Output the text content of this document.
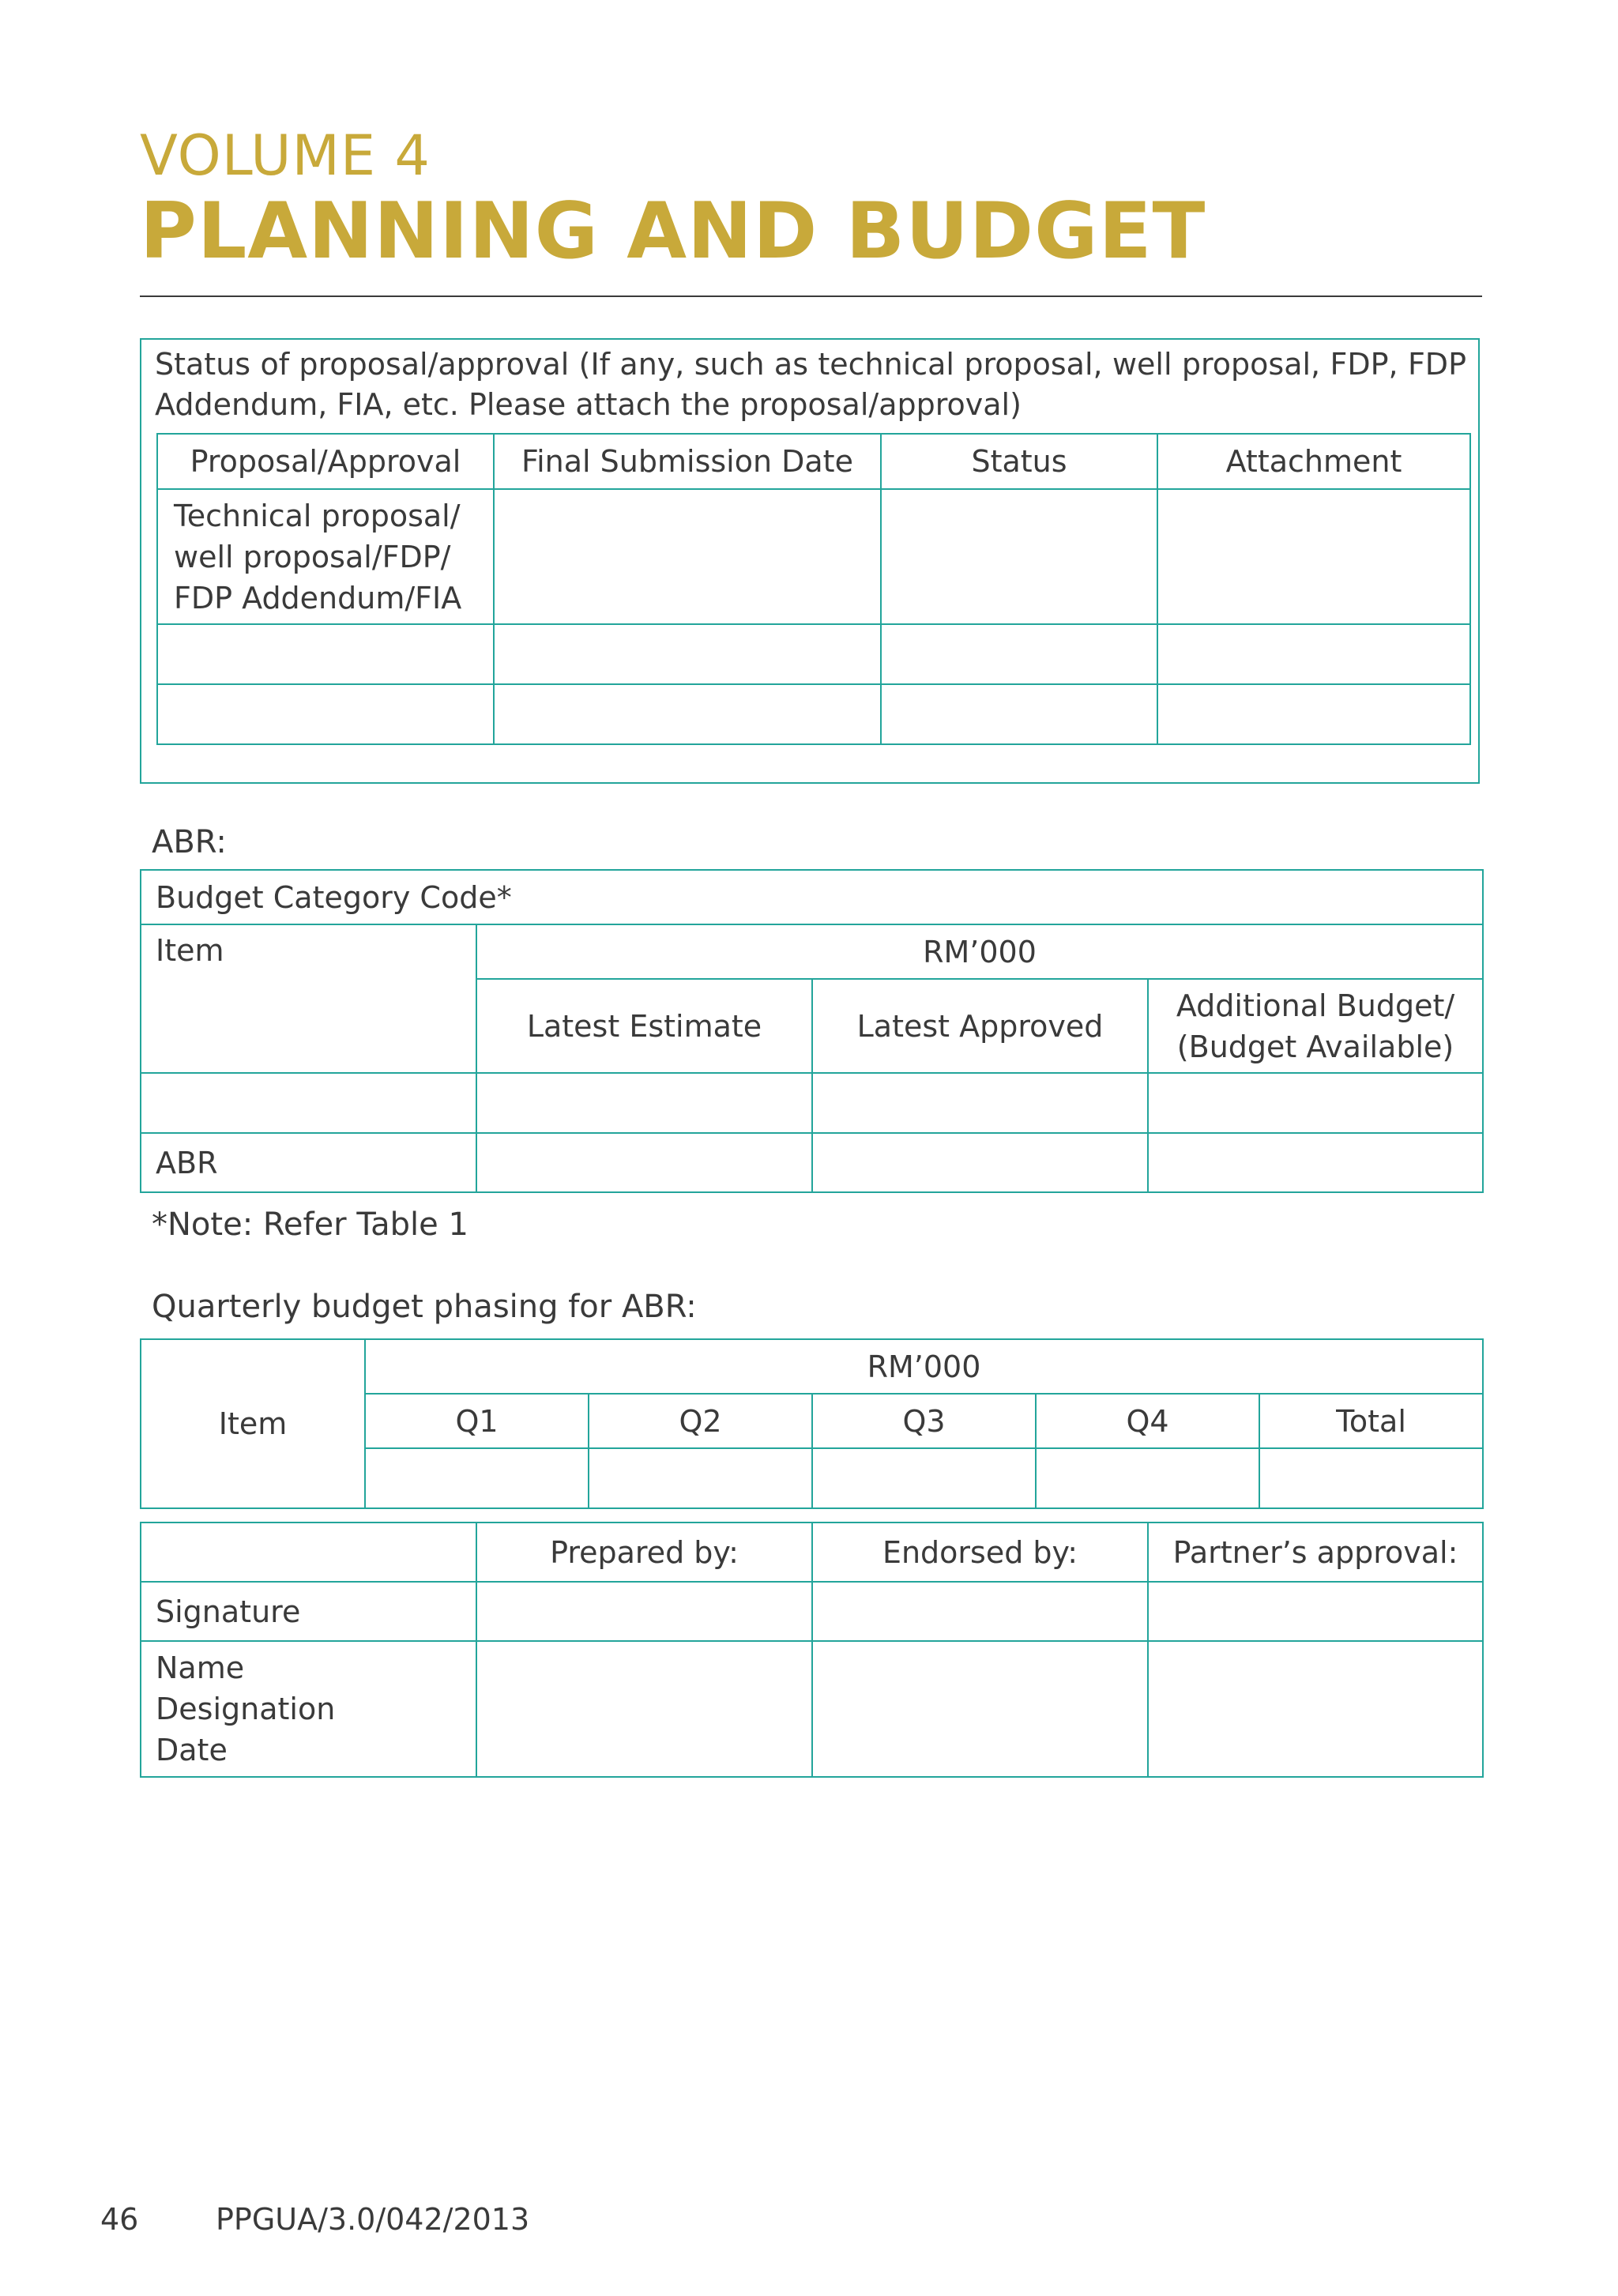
VOLUME 4
PLANNING AND BUDGET
Status of proposal/approval (If any, such as technical proposal, well proposal, FDP, FDP Addendum, FIA, etc. Please attach the proposal/approval)
Proposal/Approval	Final Submission Date	Status	Attachment
Technical proposal/ well proposal/FDP/ FDP Addendum/FIA			

ABR:
Budget Category Code*			
Item	RM’000		
	Latest Estimate	Latest Approved	Additional Budget/ (Budget Available)

ABR			
*Note: Refer Table 1
Quarterly budget phasing for ABR:
Item	RM’000				
	Q1	Q2	Q3	Q4	Total

	Prepared by:	Endorsed by:	Partner’s approval:
Signature			

Name
Designation
Date			

46	PPGUA/3.0/042/2013
